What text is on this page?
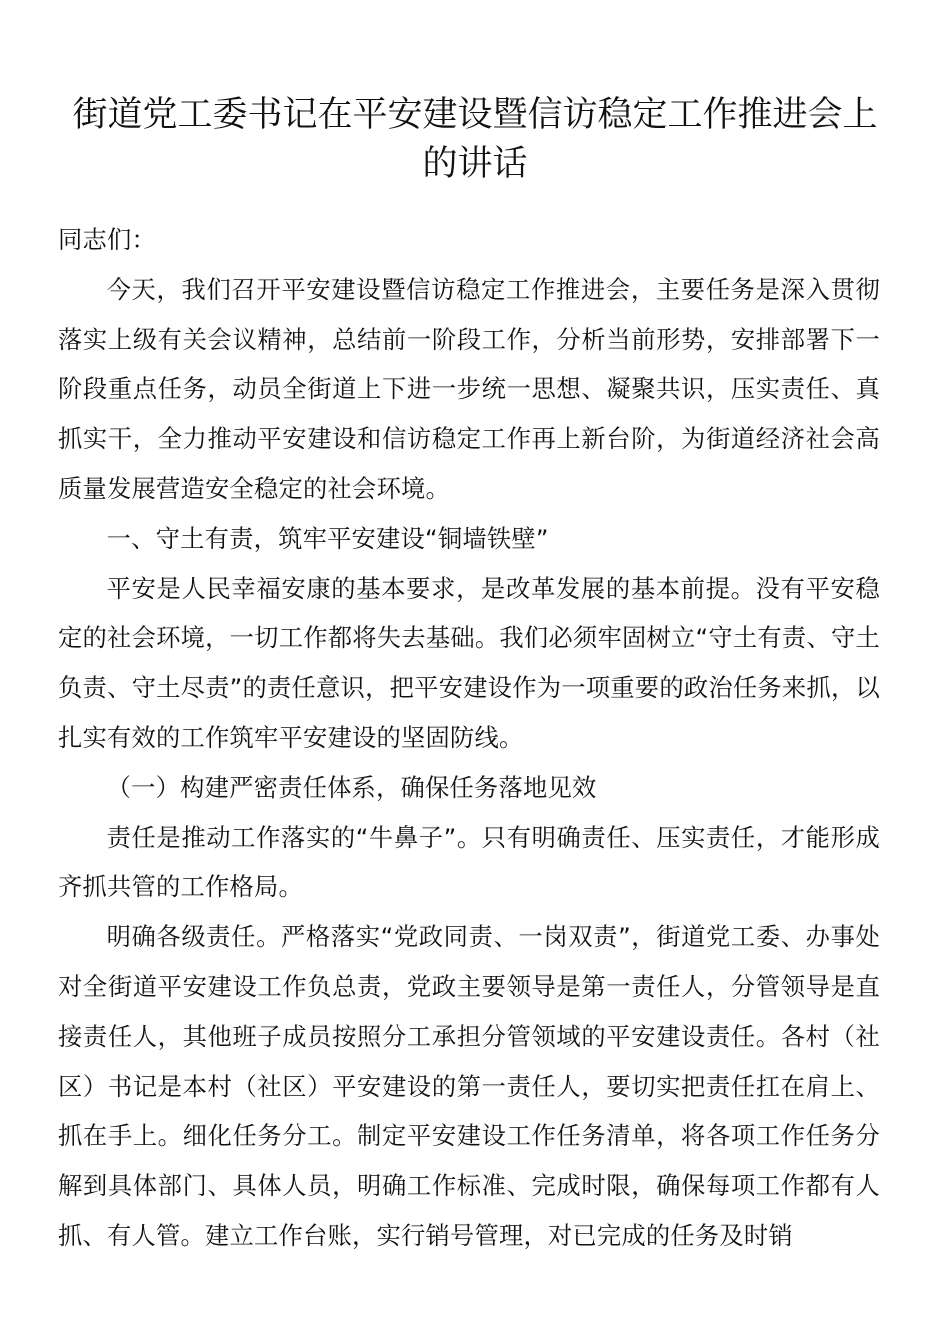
街道党工委书记在平安建设暨信访稳定工作推进会上的讲话

同志们：

今天，我们召开平安建设暨信访稳定工作推进会，主要任务是深入贯彻落实上级有关会议精神，总结前一阶段工作，分析当前形势，安排部署下一阶段重点任务，动员全街道上下进一步统一思想、凝聚共识，压实责任、真抓实干，全力推动平安建设和信访稳定工作再上新台阶，为街道经济社会高质量发展营造安全稳定的社会环境。

一、守土有责，筑牢平安建设“铜墙铁壁”

平安是人民幸福安康的基本要求，是改革发展的基本前提。没有平安稳定的社会环境，一切工作都将失去基础。我们必须牢固树立“守土有责、守土负责、守土尽责”的责任意识，把平安建设作为一项重要的政治任务来抓，以扎实有效的工作筑牢平安建设的坚固防线。

（一）构建严密责任体系，确保任务落地见效

责任是推动工作落实的“牛鼻子”。只有明确责任、压实责任，才能形成齐抓共管的工作格局。

明确各级责任。严格落实“党政同责、一岗双责”，街道党工委、办事处对全街道平安建设工作负总责，党政主要领导是第一责任人，分管领导是直接责任人，其他班子成员按照分工承担分管领域的平安建设责任。各村（社区）书记是本村（社区）平安建设的第一责任人，要切实把责任扛在肩上、抓在手上。细化任务分工。制定平安建设工作任务清单，将各项工作任务分解到具体部门、具体人员，明确工作标准、完成时限，确保每项工作都有人抓、有人管。建立工作台账，实行销号管理，对已完成的任务及时销
